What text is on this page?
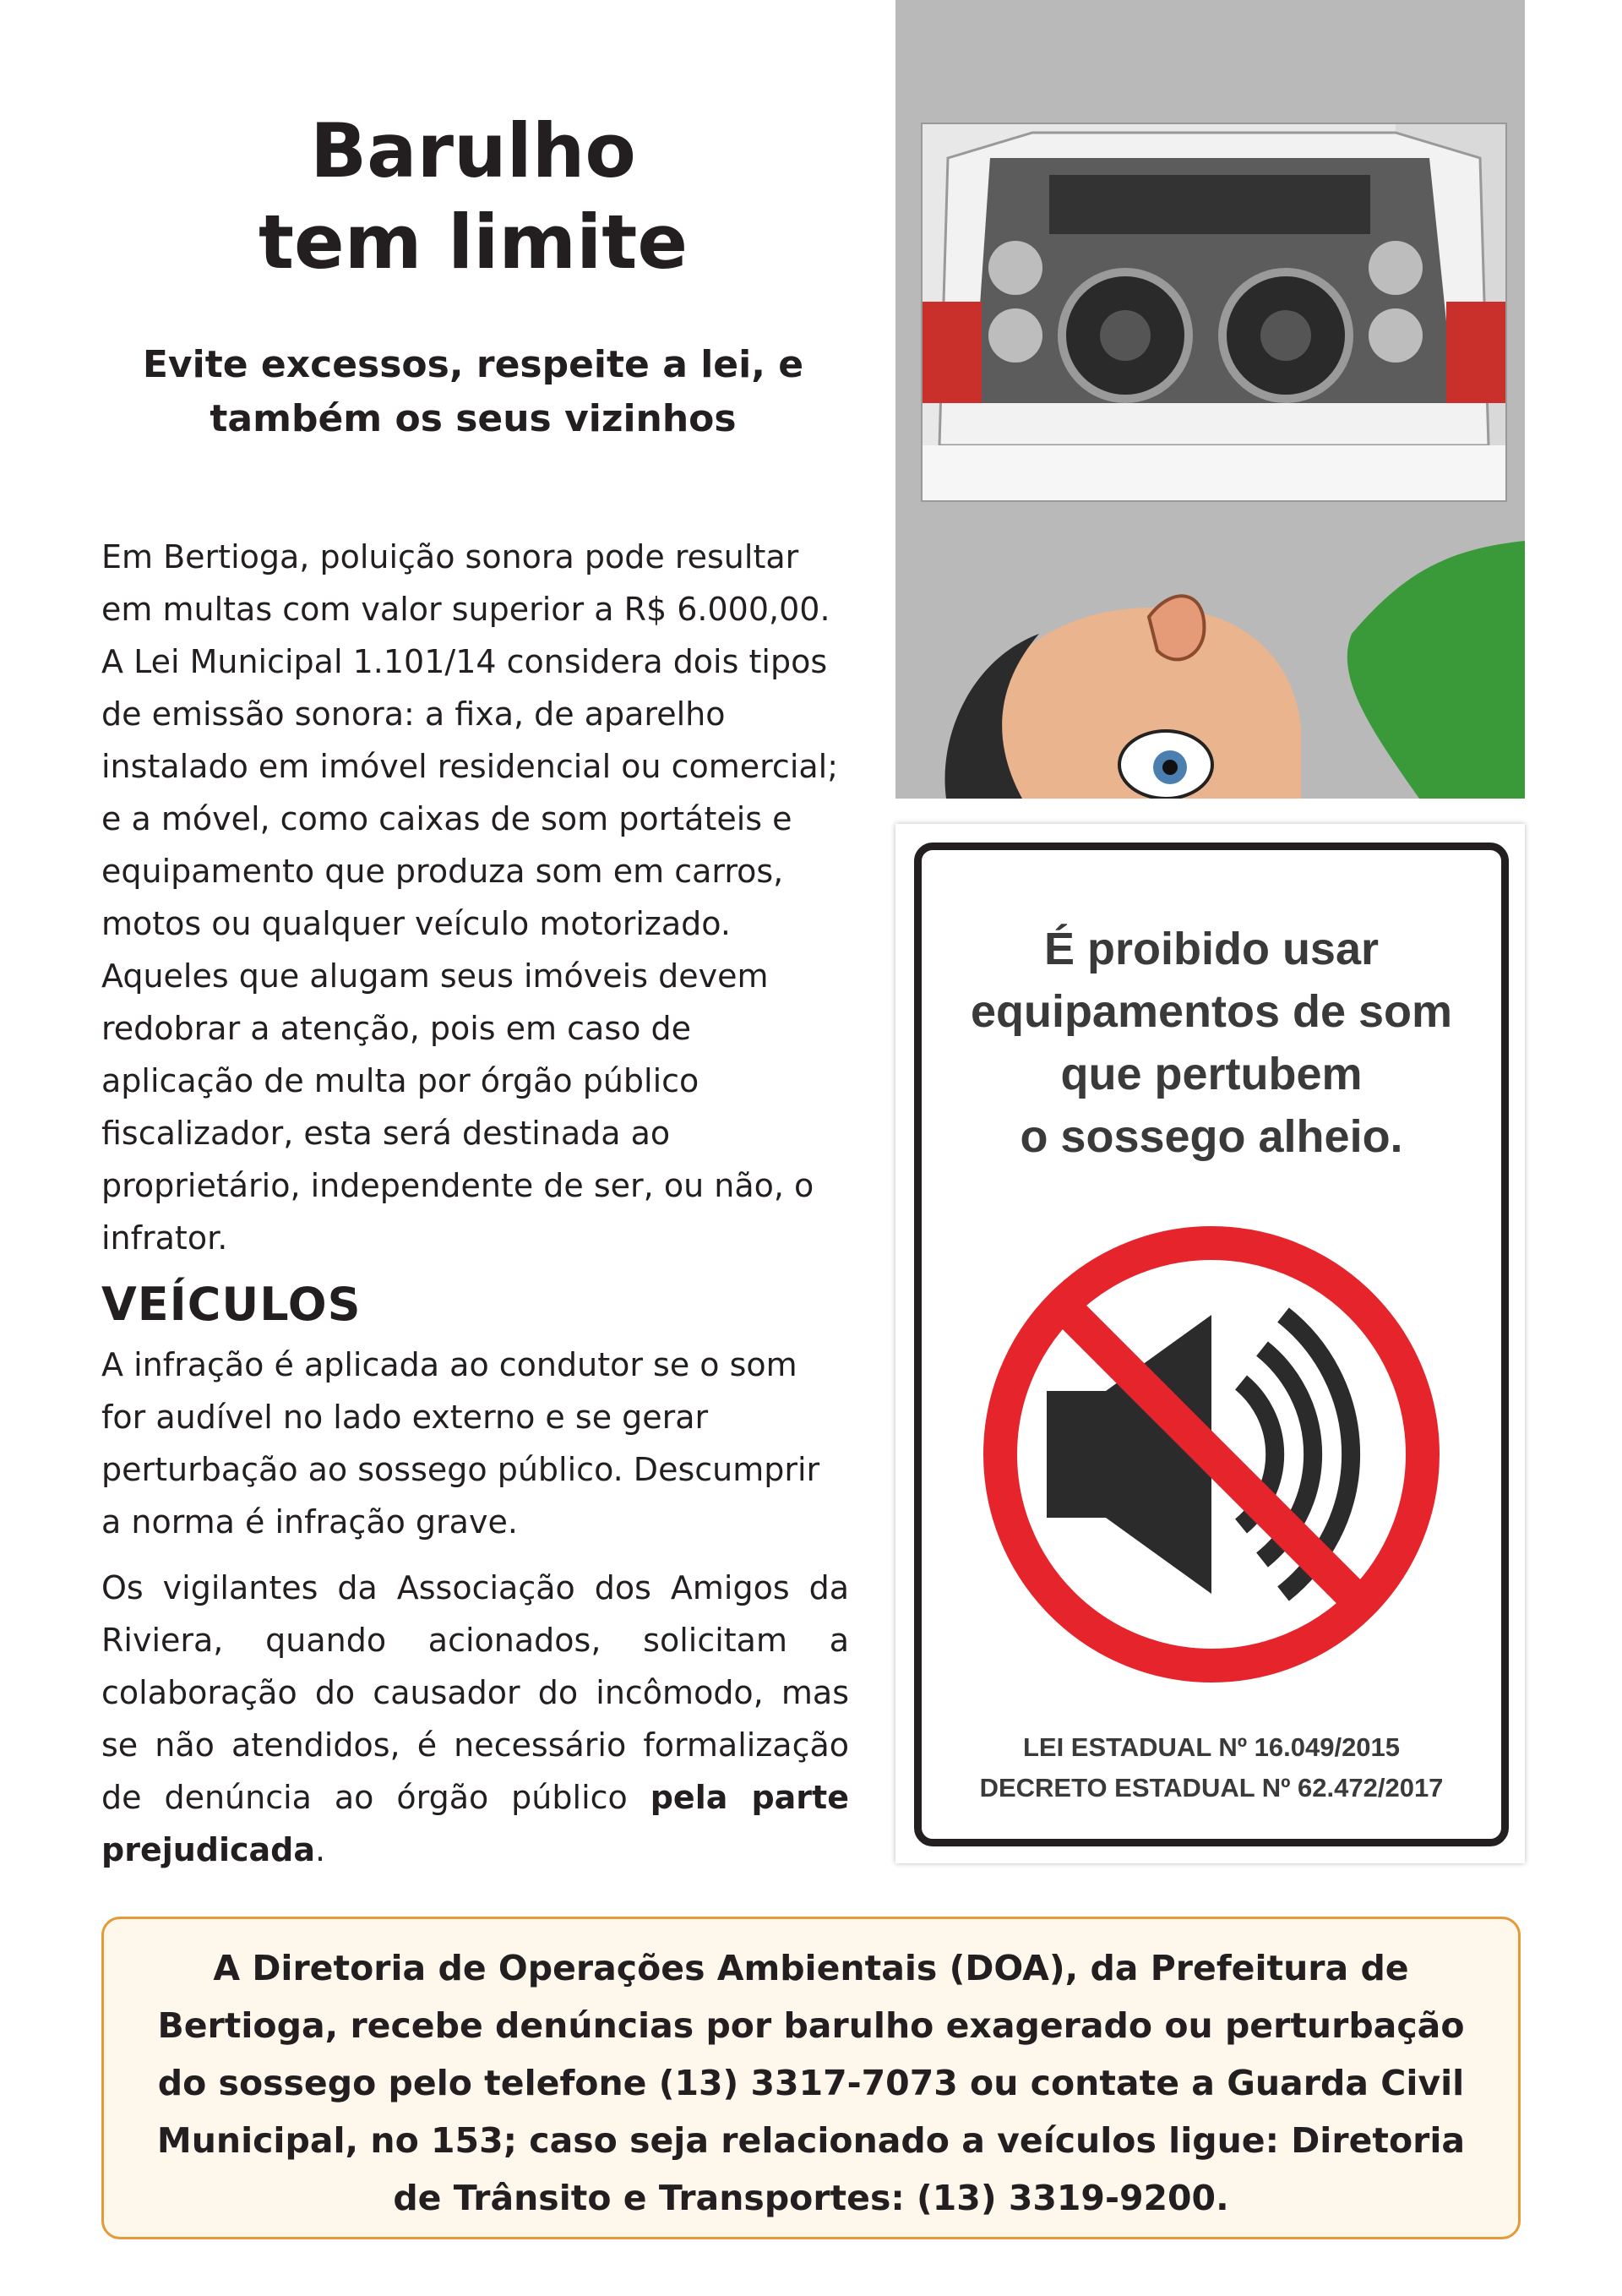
Barulho
tem limite
Evite excessos, respeite a lei, e
também os seus vizinhos

Em Bertioga, poluição sonora pode resultar em multas com valor superior a R$ 6.000,00. A Lei Municipal 1.101/14 considera dois tipos de emissão sonora: a fixa, de aparelho instalado em imóvel residencial ou comercial; e a móvel, como caixas de som portáteis e equipamento que produza som em carros, motos ou qualquer veículo motorizado.

Aqueles que alugam seus imóveis devem redobrar a atenção, pois em caso de aplicação de multa por órgão público fiscalizador, esta será destinada ao proprietário, independente de ser, ou não, o infrator.

VEÍCULOS

A infração é aplicada ao condutor se o som for audível no lado externo e se gerar perturbação ao sossego público. Descumprir a norma é infração grave.

Os vigilantes da Associação dos Amigos da Riviera, quando acionados, solicitam a colaboração do causador do incômodo, mas se não atendidos, é necessário formalização de denúncia ao órgão público pela parte prejudicada.

É proibido usar
equipamentos de som
que pertubem
o sossego alheio.

LEI ESTADUAL Nº 16.049/2015

DECRETO ESTADUAL Nº 62.472/2017

A Diretoria de Operações Ambientais (DOA), da Prefeitura de Bertioga, recebe denúncias por barulho exagerado ou perturbação do sossego pelo telefone (13) 3317-7073 ou contate a Guarda Civil Municipal, no 153; caso seja relacionado a veículos ligue: Diretoria de Trânsito e Transportes: (13) 3319-9200.
